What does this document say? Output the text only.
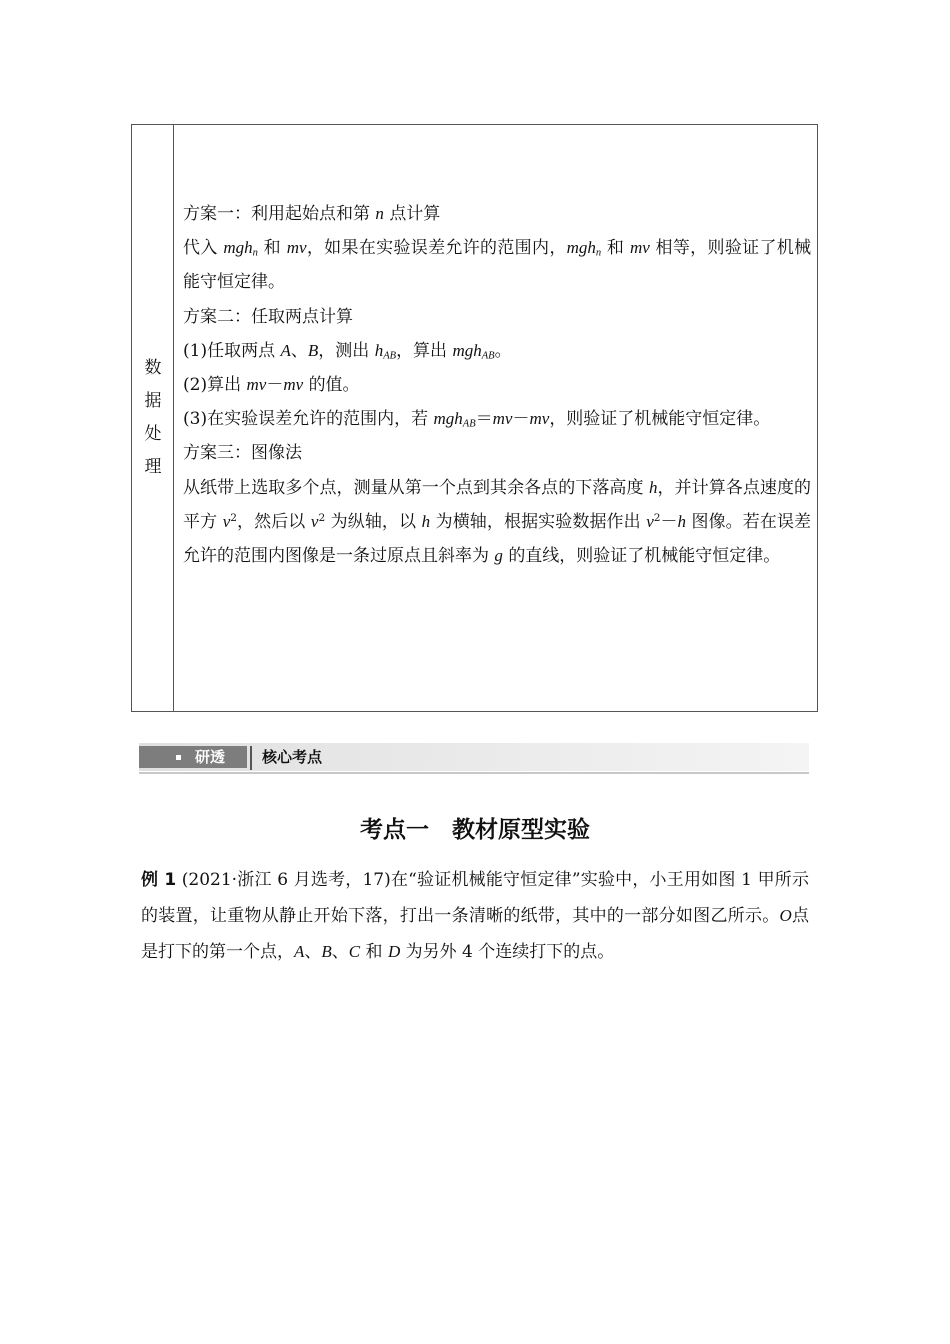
数
据
处
理

方案一：利用起始点和第 n 点计算

代入 mgh$_n$ 和 mv，如果在实验误差允许的范围内，mgh$_n$ 和 mv 相等，则验证了机械能守恒定律。

方案二：任取两点计算

(1)任取两点 A、B，测出 $h_{AB}$，算出 mgh$_{AB}$。

(2)算出 mv－mv 的值。

(3)在实验误差允许的范围内，若 mgh$_{AB}$＝mv－mv，则验证了机械能守恒定律。

方案三：图像法

从纸带上选取多个点，测量从第一个点到其余各点的下落高度 h，并计算各点速度的平方 $v^2$，然后以 $v^2$ 为纵轴，以 h 为横轴，根据实验数据作出 $v^2-h$ 图像。若在误差允许的范围内图像是一条过原点且斜率为 g 的直线，则验证了机械能守恒定律。

研透 核心考点
考点一　教材原型实验
例 1 (2021·浙江 6 月选考，17)在“验证机械能守恒定律”实验中，小王用如图 1 甲所示的装置，让重物从静止开始下落，打出一条清晰的纸带，其中的一部分如图乙所示。O点是打下的第一个点，A、B、C 和 D 为另外 4 个连续打下的点。
